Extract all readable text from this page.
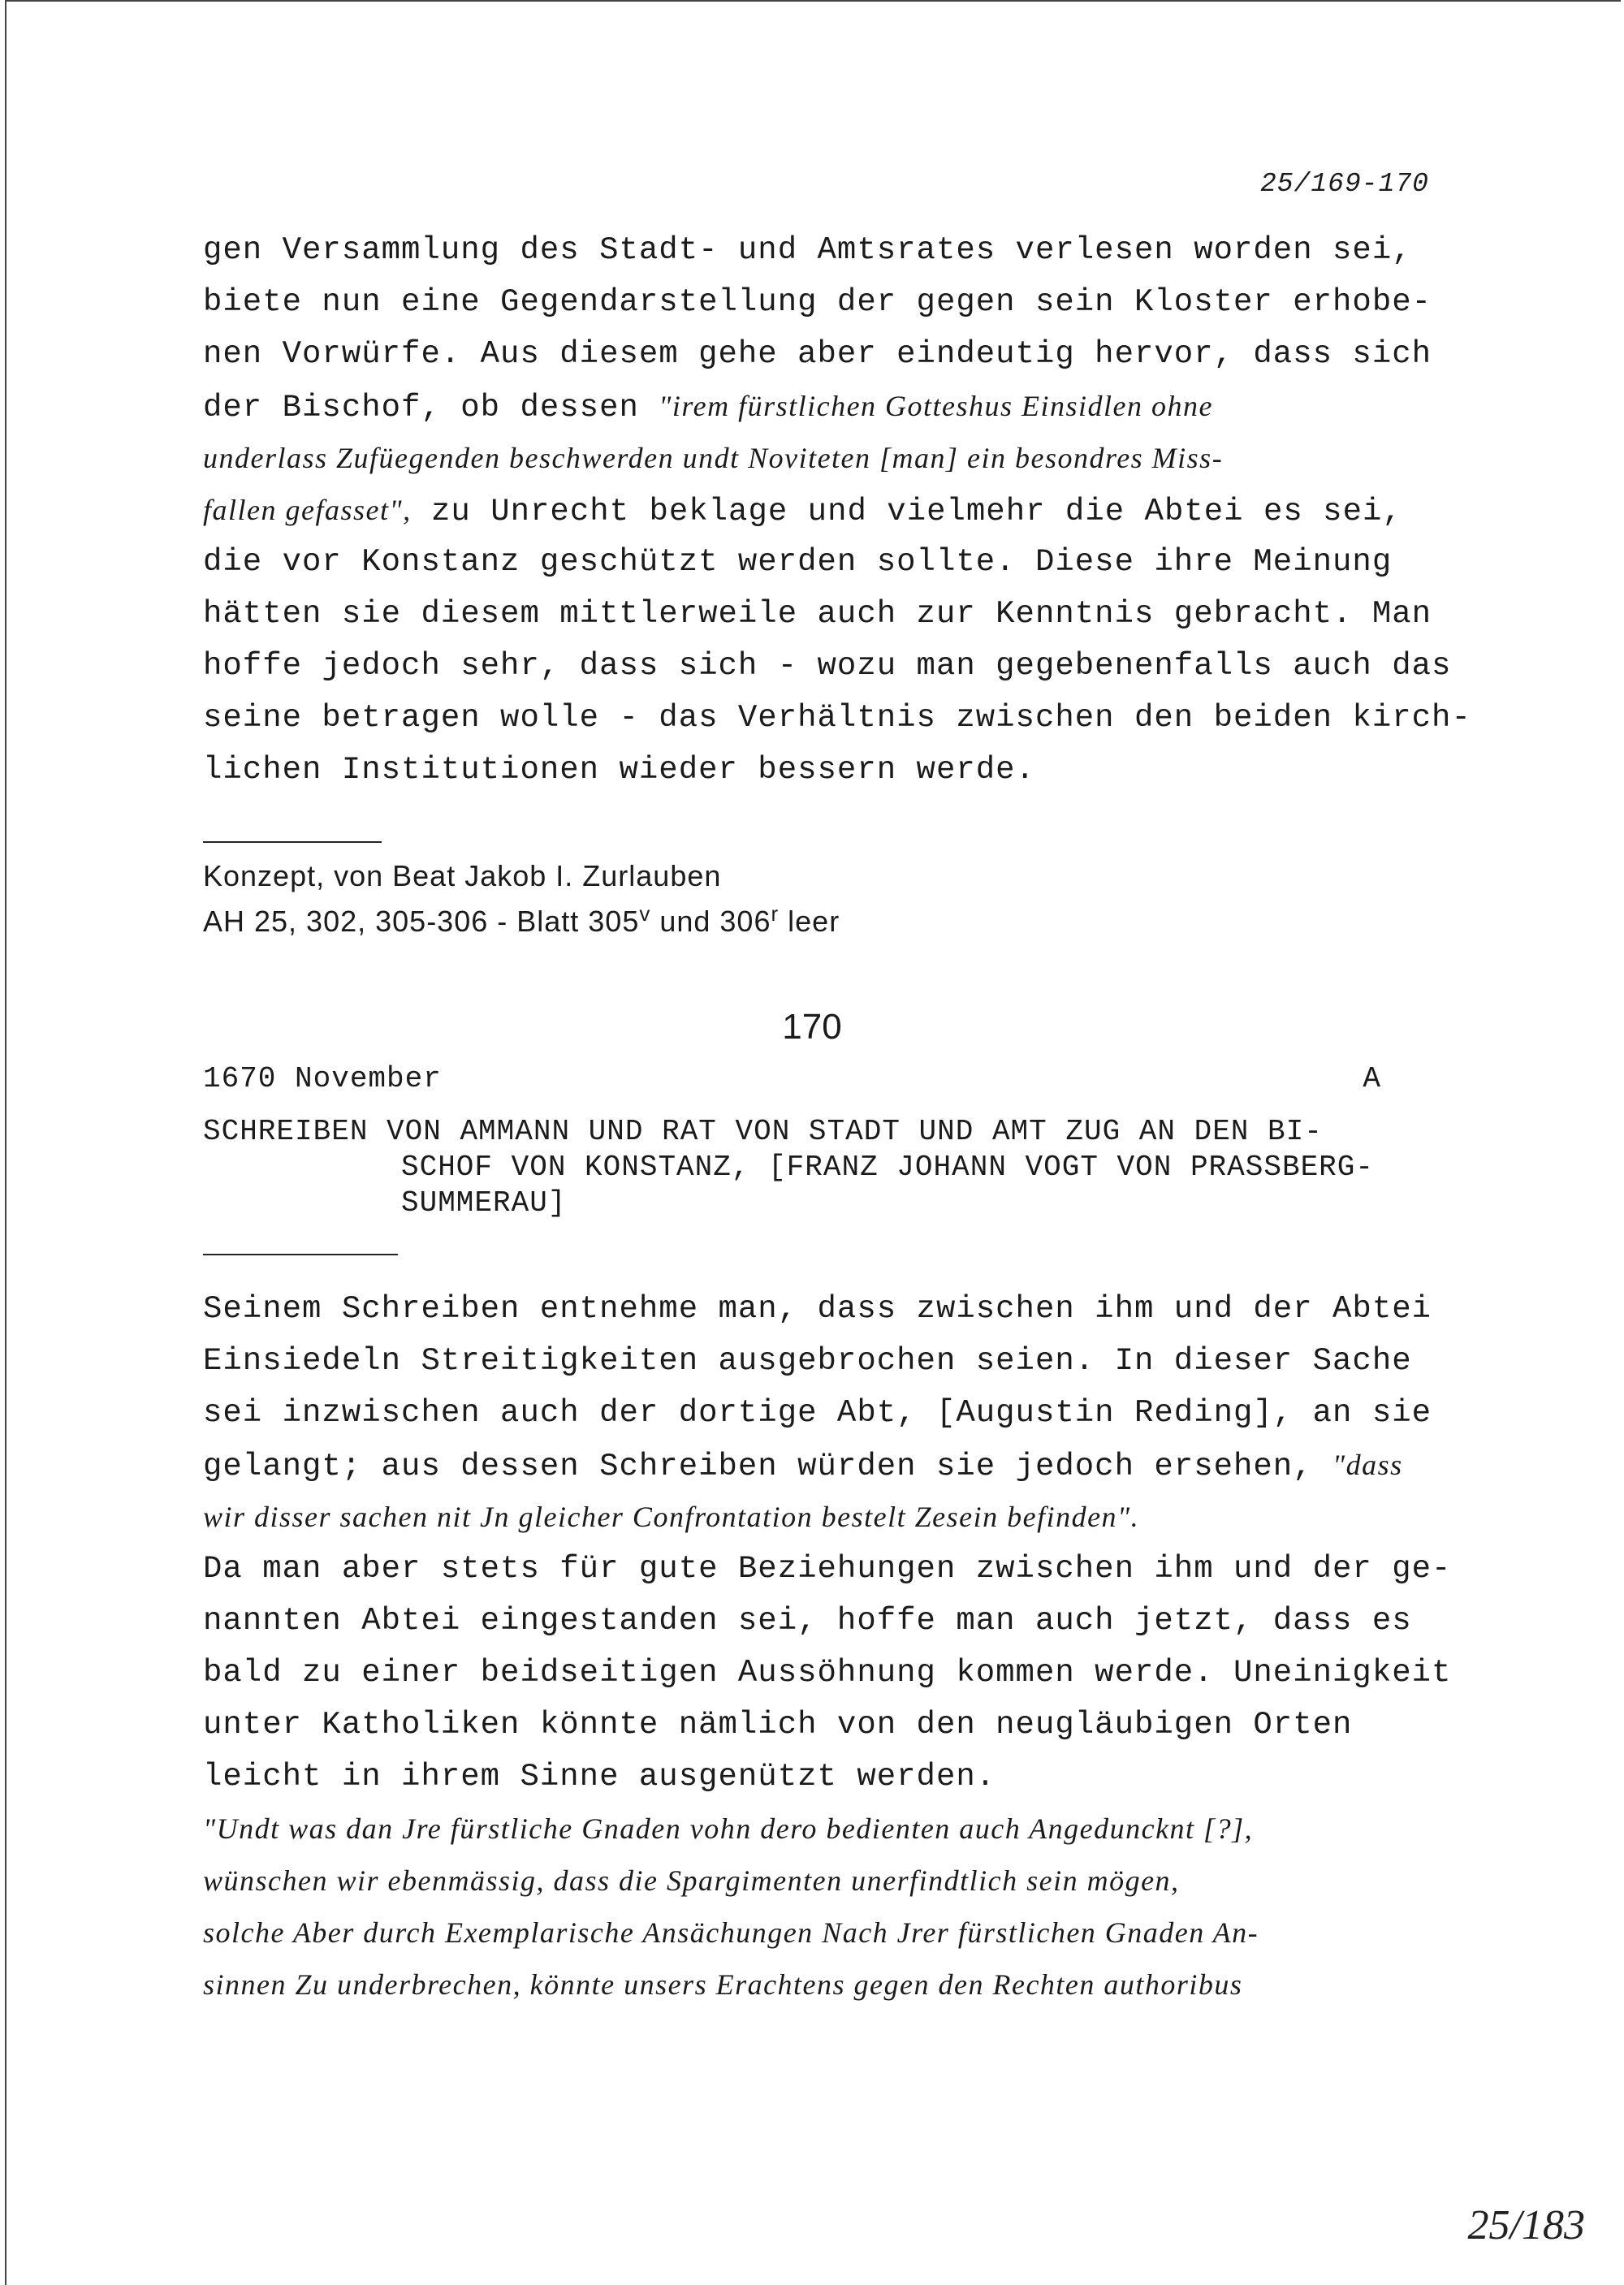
25/169-170
gen Versammlung des Stadt- und Amtsrates verlesen worden sei,
biete nun eine Gegendarstellung der gegen sein Kloster erhobe-
nen Vorwürfe. Aus diesem gehe aber eindeutig hervor, dass sich
der Bischof, ob dessen "irem fürstlichen Gotteshus Einsidlen ohne
underlass Zufüegenden beschwerden undt Noviteten [man] ein besondres Miss-
fallen gefasset", zu Unrecht beklage und vielmehr die Abtei es sei,
die vor Konstanz geschützt werden sollte. Diese ihre Meinung
hätten sie diesem mittlerweile auch zur Kenntnis gebracht. Man
hoffe jedoch sehr, dass sich - wozu man gegebenenfalls auch das
seine betragen wolle - das Verhältnis zwischen den beiden kirch-
lichen Institutionen wieder bessern werde.
Konzept, von Beat Jakob I. Zurlauben
AH 25, 302, 305-306 - Blatt 305$^v$ und 306$^r$ leer
170
1670 November	A
SCHREIBEN VON AMMANN UND RAT VON STADT UND AMT ZUG AN DEN BI-
SCHOF VON KONSTANZ, [FRANZ JOHANN VOGT VON PRASSBERG-
SUMMERAU]
Seinem Schreiben entnehme man, dass zwischen ihm und der Abtei
Einsiedeln Streitigkeiten ausgebrochen seien. In dieser Sache
sei inzwischen auch der dortige Abt, [Augustin Reding], an sie
gelangt; aus dessen Schreiben würden sie jedoch ersehen, "dass
wir disser sachen nit Jn gleicher Confrontation bestelt Zesein befinden".
Da man aber stets für gute Beziehungen zwischen ihm und der ge-
nannten Abtei eingestanden sei, hoffe man auch jetzt, dass es
bald zu einer beidseitigen Aussöhnung kommen werde. Uneinigkeit
unter Katholiken könnte nämlich von den neugläubigen Orten
leicht in ihrem Sinne ausgenützt werden.
"Undt was dan Jre fürstliche Gnaden vohn dero bedienten auch Angeduncknt [?],
wünschen wir ebenmässig, dass die Spargimenten unerfindtlich sein mögen,
solche Aber durch Exemplarische Ansächungen Nach Jrer fürstlichen Gnaden An-
sinnen Zu underbrechen, könnte unsers Erachtens gegen den Rechten authoribus
25/183
